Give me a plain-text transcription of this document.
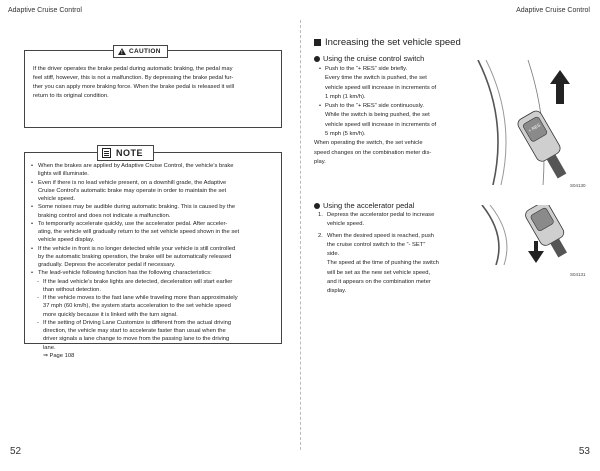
Adaptive Cruise Control	Adaptive Cruise Control
! CAUTION
If the driver operates the brake pedal during automatic braking, the pedal may
feel stiff, however, this is not a malfunction. By depressing the brake pedal fur-
ther you can apply more braking force. When the brake pedal is released it will
return to its original condition.
NOTE
• When the brakes are applied by Adaptive Cruise Control, the vehicle’s brake
lights will illuminate.
• Even if there is no lead vehicle present, on a downhill grade, the Adaptive
Cruise Control’s automatic brake may operate in order to maintain the set
vehicle speed.
• Some noises may be audible during automatic braking. This is caused by the
braking control and does not indicate a malfunction.
• To temporarily accelerate quickly, use the accelerator pedal. After acceler-
ating, the vehicle will gradually return to the set vehicle speed shown in the set
vehicle speed display.
• If the vehicle in front is no longer detected while your vehicle is still controlled
by the automatic braking operation, the brake will be automatically released
gradually. Depress the accelerator pedal if necessary.
• The lead-vehicle following function has the following characteristics:
- If the lead vehicle’s brake lights are detected, deceleration will start earlier
than without detection.
- If the vehicle moves to the fast lane while traveling more than approximately
37 mph (60 km/h), the system starts acceleration to the set vehicle speed
more quickly because it is linked with the turn signal.
- If the setting of Driving Lane Customize is different from the actual driving
direction, the vehicle may start to accelerate faster than usual when the
driver signals a lane change to move from the passing lane to the driving
lane.
⇒ Page 108
Increasing the set vehicle speed
Using the cruise control switch
• Push to the “+ RES” side briefly.
Every time the switch is pushed, the set
vehicle speed will increase in increments of
1 mph (1 km/h).
• Push to the “+ RES” side continuously.
While the switch is being pushed, the set
vehicle speed will increase in increments of
5 mph (5 km/h).
When operating the switch, the set vehicle
speed changes on the combination meter dis-
play.
Using the accelerator pedal
1. Depress the accelerator pedal to increase
vehicle speed.
2. When the desired speed is reached, push
the cruise control switch to the “- SET”
side.
The speed at the time of pushing the switch
will be set as the new set vehicle speed,
and it appears on the combination meter
display.
+ RES
S04130
S04131
52	53
